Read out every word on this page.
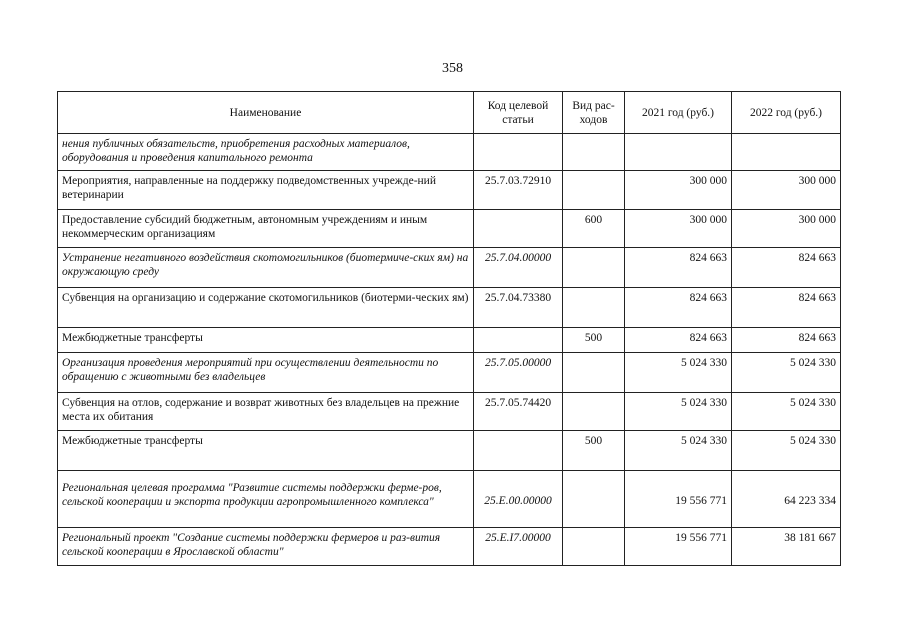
358
Наименование	Код целевой статьи	Вид рас-ходов	2021 год (руб.)	2022 год (руб.)
нения публичных обязательств, приобретения расходных материалов, оборудования и проведения капитального ремонта				
Мероприятия, направленные на поддержку подведомственных учрежде-ний ветеринарии	25.7.03.72910		300 000	300 000
Предоставление субсидий бюджетным, автономным учреждениям и иным некоммерческим организациям		600	300 000	300 000
Устранение негативного воздействия скотомогильников (биотермиче-ских ям) на окружающую среду	25.7.04.00000		824 663	824 663
Субвенция на организацию и содержание скотомогильников (биотерми-ческих ям)	25.7.04.73380		824 663	824 663
Межбюджетные трансферты		500	824 663	824 663
Организация проведения мероприятий при осуществлении деятельности по обращению с животными без владельцев	25.7.05.00000		5 024 330	5 024 330
Субвенция на отлов, содержание и возврат животных без владельцев на прежние места их обитания	25.7.05.74420		5 024 330	5 024 330
Межбюджетные трансферты		500	5 024 330	5 024 330
Региональная целевая программа "Развитие системы поддержки ферме-ров, сельской кооперации и экспорта продукции агропромышленного комплекса"	25.Е.00.00000		19 556 771	64 223 334
Региональный проект "Создание системы поддержки фермеров и раз-вития сельской кооперации в Ярославской области"	25.Е.I7.00000		19 556 771	38 181 667
